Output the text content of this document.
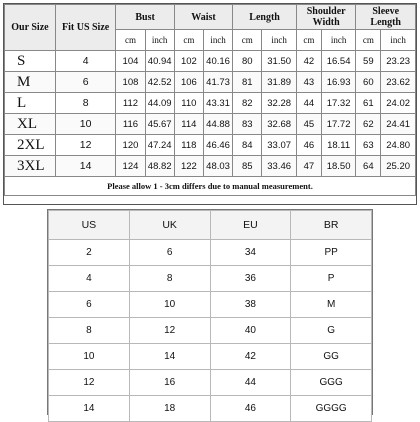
Our Size	Fit US Size	Bust		Waist		Length		Shoulder Width		Sleeve Length	
		cm	inch	cm	inch	cm	inch	cm	inch	cm	inch
S	4	104	40.94	102	40.16	80	31.50	42	16.54	59	23.23
M	6	108	42.52	106	41.73	81	31.89	43	16.93	60	23.62
L	8	112	44.09	110	43.31	82	32.28	44	17.32	61	24.02
XL	10	116	45.67	114	44.88	83	32.68	45	17.72	62	24.41
2XL	12	120	47.24	118	46.46	84	33.07	46	18.11	63	24.80
3XL	14	124	48.82	122	48.03	85	33.46	47	18.50	64	25.20
Please allow 1 - 3cm differs due to manual measurement.											
US	UK	EU	BR
2	6	34	PP
4	8	36	P
6	10	38	M
8	12	40	G
10	14	42	GG
12	16	44	GGG
14	18	46	GGGG
